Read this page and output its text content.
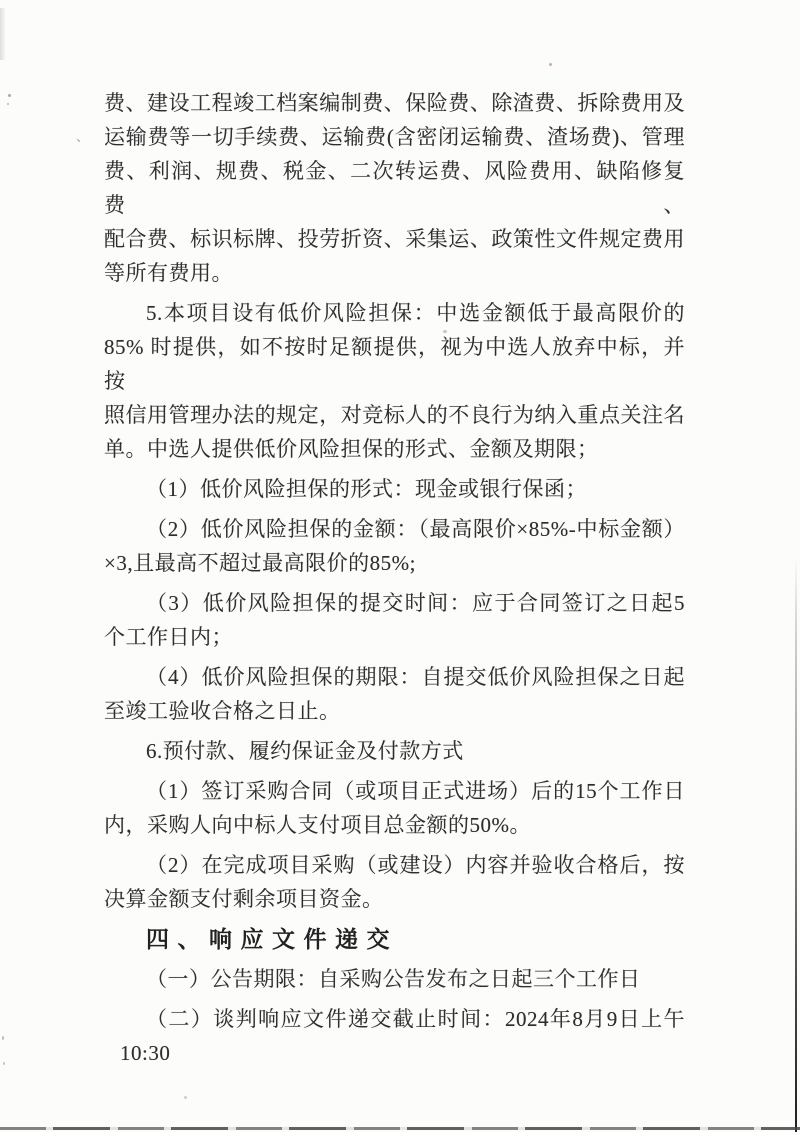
、
费、建设工程竣工档案编制费、保险费、除渣费、拆除费用及
运输费等一切手续费、运输费(含密闭运输费、渣场费)、管理
费、利润、规费、税金、二次转运费、风险费用、缺陷修复费、
配合费、标识标牌、投劳折资、采集运、政策性文件规定费用
等所有费用。
5.本项目设有低价风险担保：中选金额低于最高限价的
85% 时提供，如不按时足额提供，视为中选人放弃中标，并按
照信用管理办法的规定，对竞标人的不良行为纳入重点关注名
单。中选人提供低价风险担保的形式、金额及期限；
（1）低价风险担保的形式：现金或银行保函；
（2）低价风险担保的金额：（最高限价×85%-中标金额）
×3,且最高不超过最高限价的85%;
（3）低价风险担保的提交时间：应于合同签订之日起5
个工作日内；
（4）低价风险担保的期限：自提交低价风险担保之日起
至竣工验收合格之日止。
6.预付款、履约保证金及付款方式
（1）签订采购合同（或项目正式进场）后的15个工作日
内，采购人向中标人支付项目总金额的50%。
（2）在完成项目采购（或建设）内容并验收合格后，按
决算金额支付剩余项目资金。
四、响应文件递交
（一）公告期限：自采购公告发布之日起三个工作日
（二）谈判响应文件递交截止时间：2024年8月9日上午
10:30
